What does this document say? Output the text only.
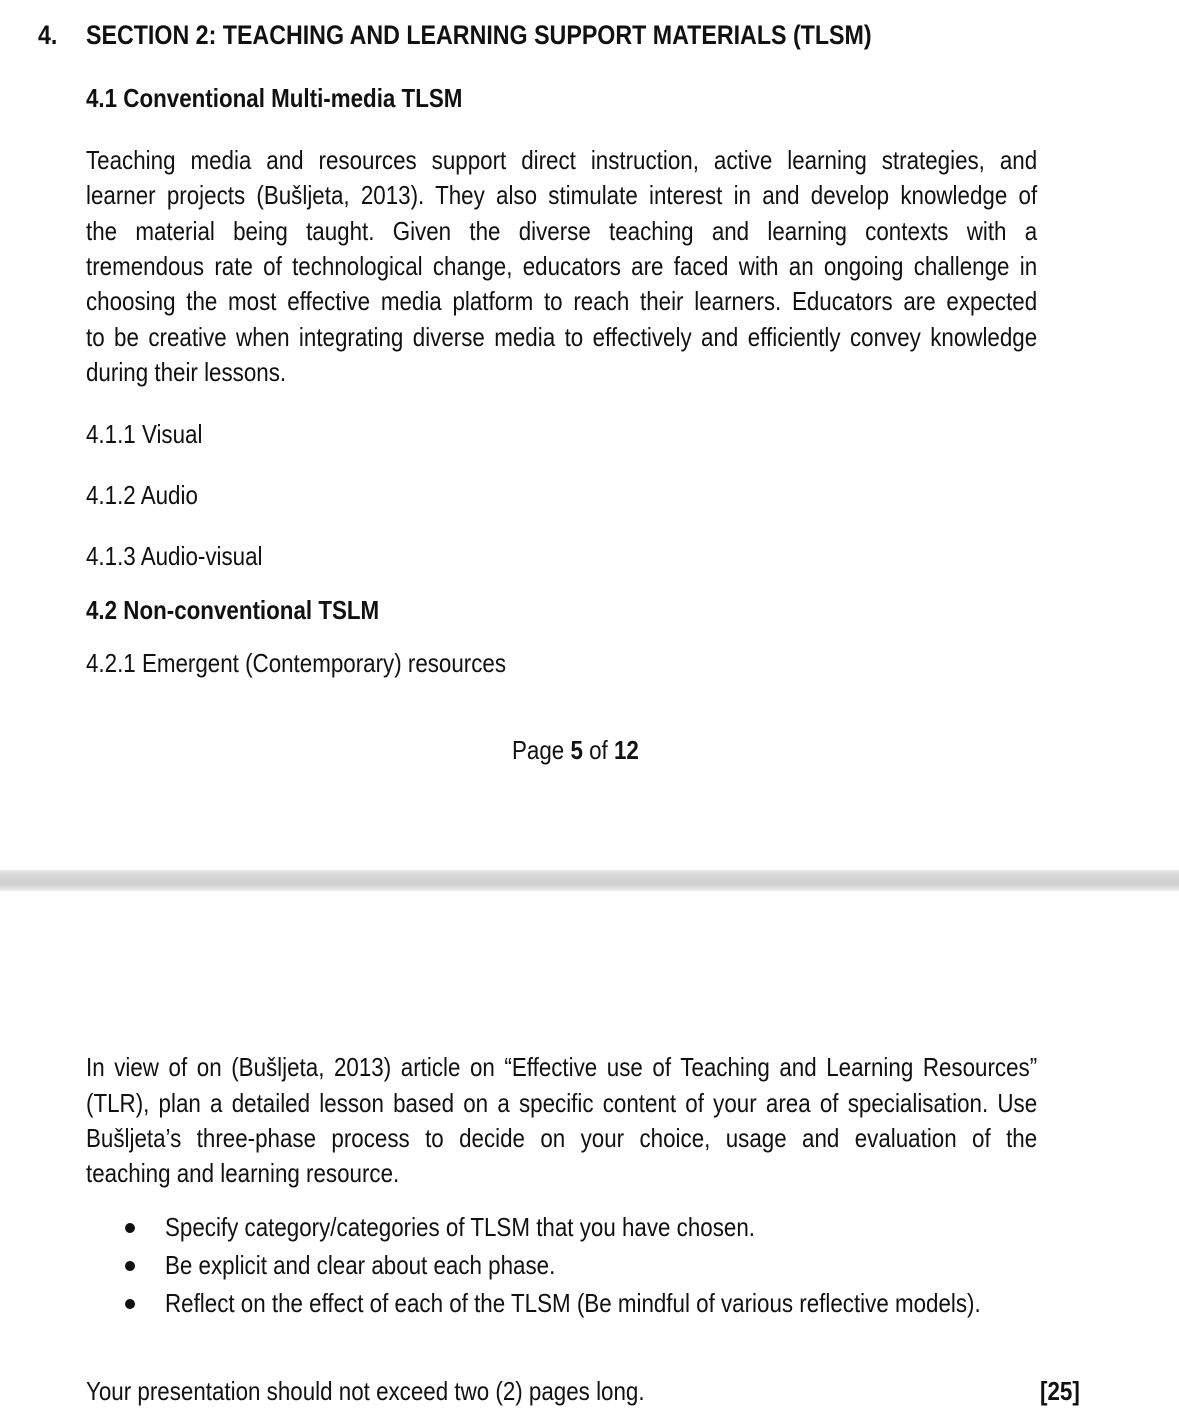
4. SECTION 2: TEACHING AND LEARNING SUPPORT MATERIALS (TLSM)
4.1 Conventional Multi-media TLSM
Teaching media and resources support direct instruction, active learning strategies, and
learner projects (Bušljeta, 2013). They also stimulate interest in and develop knowledge of
the material being taught. Given the diverse teaching and learning contexts with a
tremendous rate of technological change, educators are faced with an ongoing challenge in
choosing the most effective media platform to reach their learners. Educators are expected
to be creative when integrating diverse media to effectively and efficiently convey knowledge
during their lessons.
4.1.1 Visual
4.1.2 Audio
4.1.3 Audio-visual
4.2 Non-conventional TSLM
4.2.1 Emergent (Contemporary) resources
Page 5 of 12
In view of on (Bušljeta, 2013) article on “Effective use of Teaching and Learning Resources”
(TLR), plan a detailed lesson based on a specific content of your area of specialisation. Use
Bušljeta’s three-phase process to decide on your choice, usage and evaluation of the
teaching and learning resource.
Specify category/categories of TLSM that you have chosen.
Be explicit and clear about each phase.
Reflect on the effect of each of the TLSM (Be mindful of various reflective models).
Your presentation should not exceed two (2) pages long.	[25]
